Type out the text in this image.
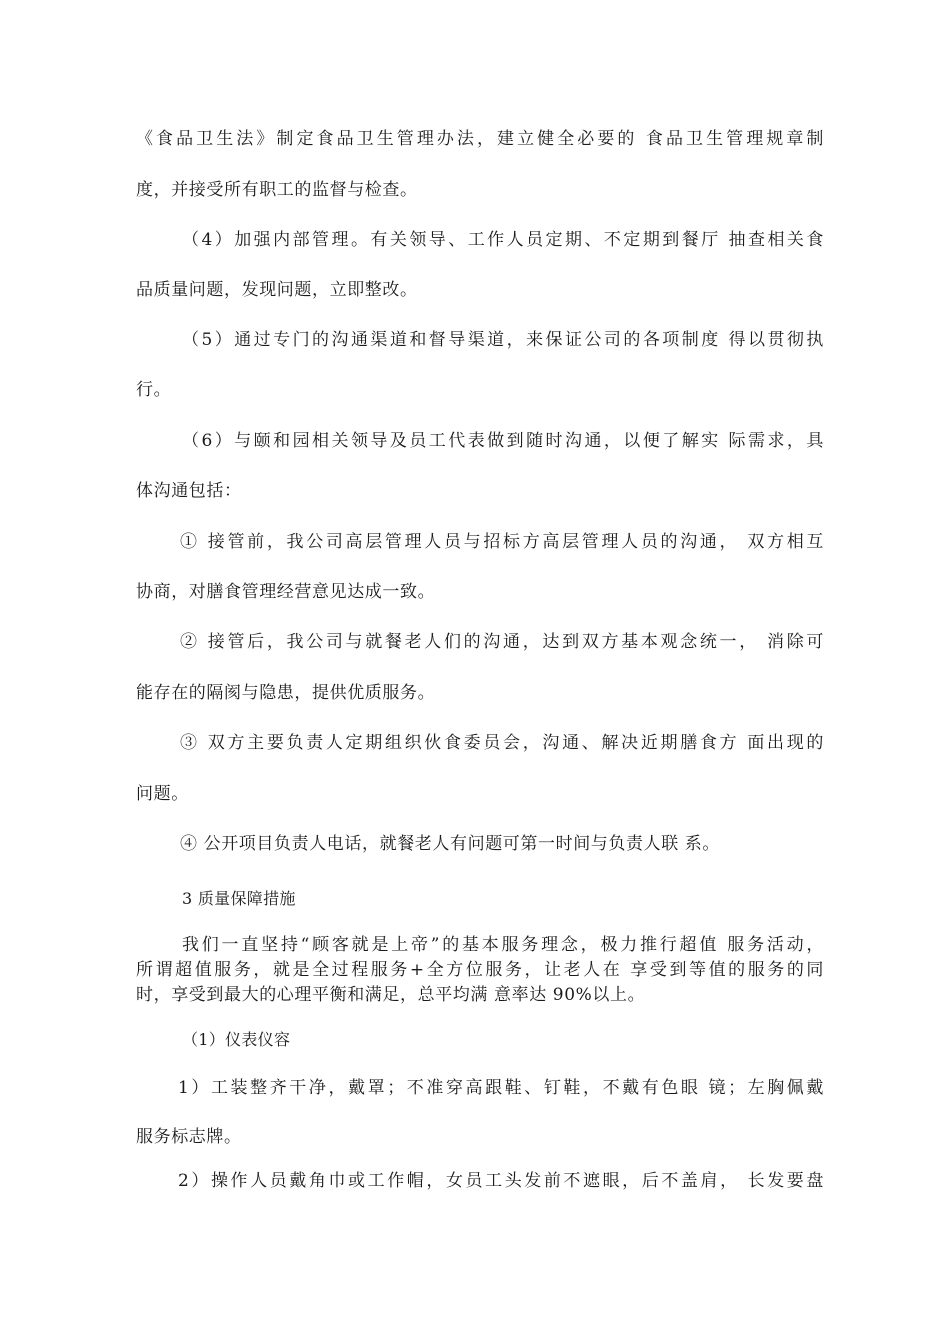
《食品卫生法》制定食品卫生管理办法，建立健全必要的 食品卫生管理规章制
度，并接受所有职工的监督与检查。
（4）加强内部管理。有关领导、工作人员定期、不定期到餐厅 抽查相关食
品质量问题，发现问题，立即整改。
（5）通过专门的沟通渠道和督导渠道，来保证公司的各项制度 得以贯彻执
行。
（6）与颐和园相关领导及员工代表做到随时沟通，以便了解实 际需求，具
体沟通包括：
① 接管前，我公司高层管理人员与招标方高层管理人员的沟通， 双方相互
协商，对膳食管理经营意见达成一致。
② 接管后，我公司与就餐老人们的沟通，达到双方基本观念统一， 消除可
能存在的隔阂与隐患，提供优质服务。
③ 双方主要负责人定期组织伙食委员会，沟通、解决近期膳食方 面出现的
问题。
④ 公开项目负责人电话，就餐老人有问题可第一时间与负责人联 系。
3 质量保障措施
我们一直坚持“顾客就是上帝”的基本服务理念，极力推行超值 服务活动，
所谓超值服务，就是全过程服务+全方位服务，让老人在 享受到等值的服务的同
时，享受到最大的心理平衡和满足，总平均满 意率达 90%以上。
（1）仪表仪容
1）工装整齐干净，戴罩；不准穿高跟鞋、钉鞋，不戴有色眼 镜；左胸佩戴
服务标志牌。
2）操作人员戴角巾或工作帽，女员工头发前不遮眼，后不盖肩， 长发要盘
